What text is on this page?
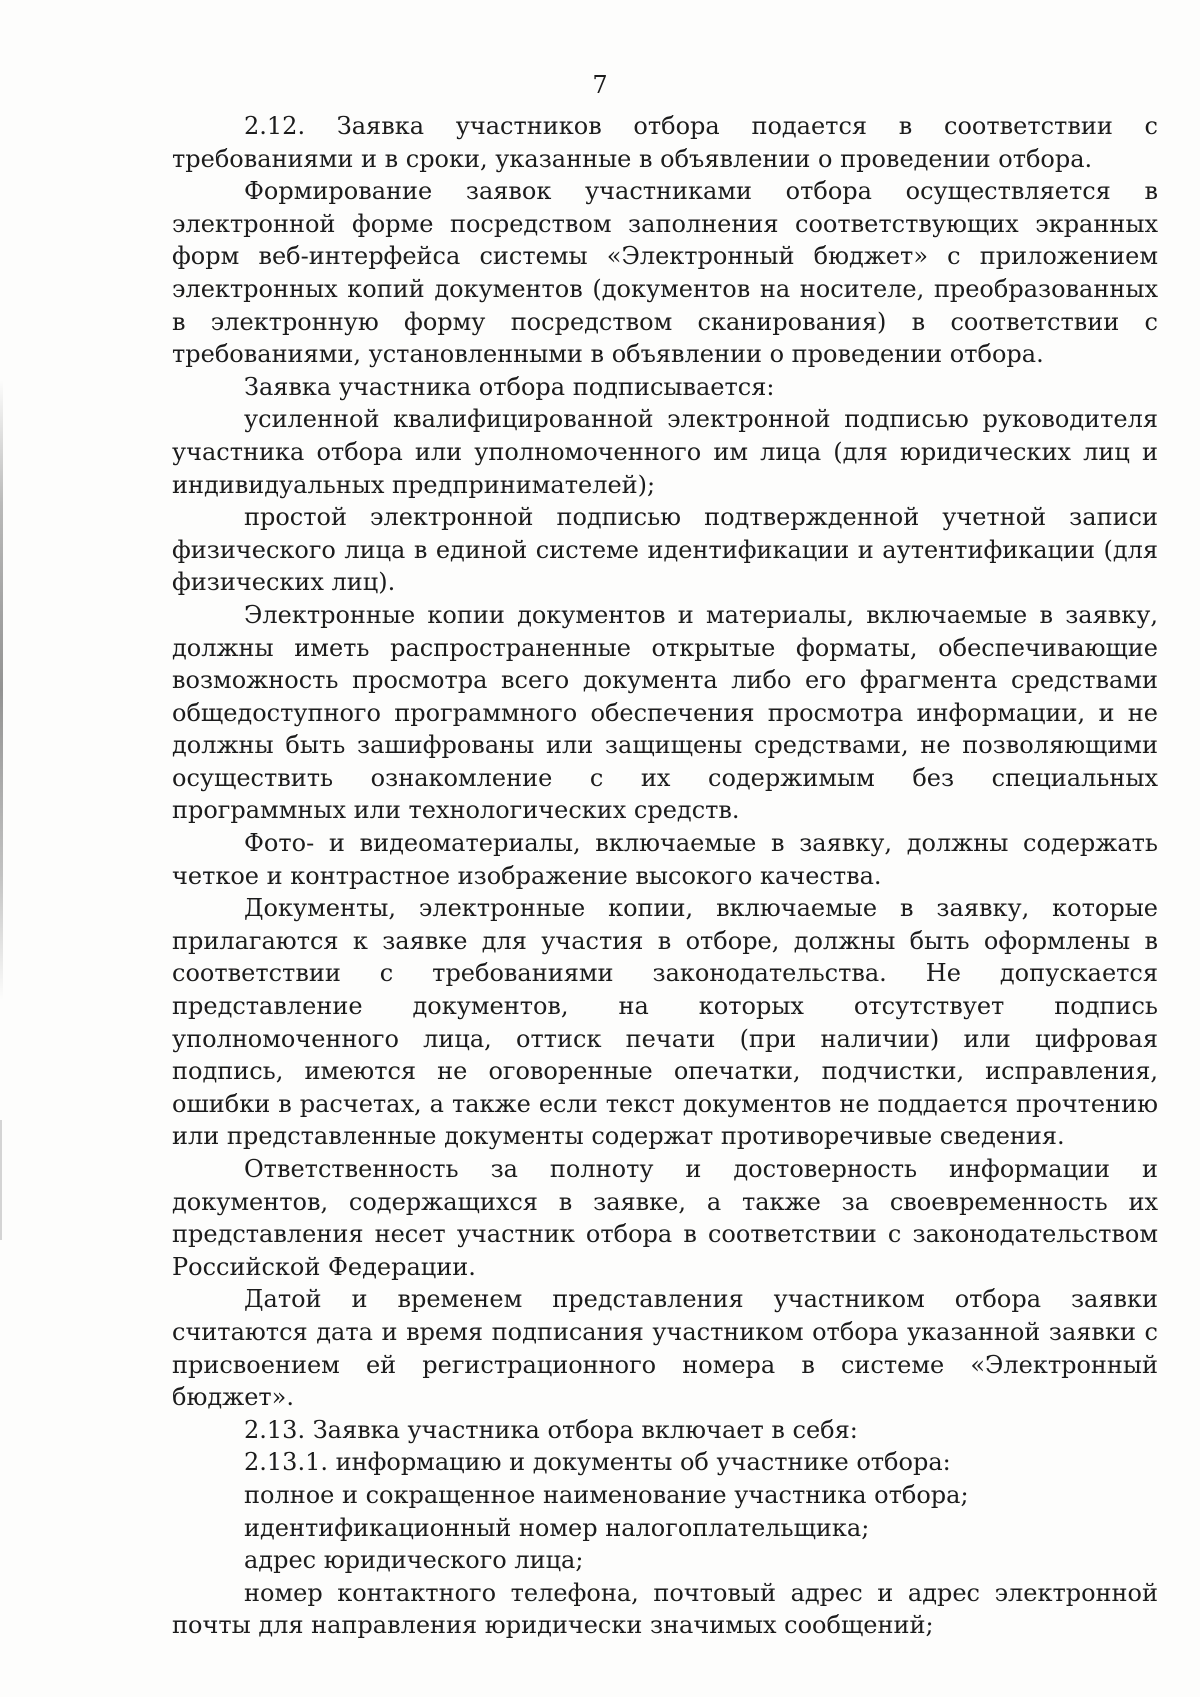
7

2.12. Заявка участников отбора подается в соответствии с требованиями и в сроки, указанные в объявлении о проведении отбора.

Формирование заявок участниками отбора осуществляется в электронной форме посредством заполнения соответствующих экранных форм веб-интерфейса системы «Электронный бюджет» с приложением электронных копий документов (документов на носителе, преобразованных в электронную форму посредством сканирования) в соответствии с требованиями, установленными в объявлении о проведении отбора.

Заявка участника отбора подписывается:

усиленной квалифицированной электронной подписью руководителя участника отбора или уполномоченного им лица (для юридических лиц и индивидуальных предпринимателей);

простой электронной подписью подтвержденной учетной записи физического лица в единой системе идентификации и аутентификации (для физических лиц).

Электронные копии документов и материалы, включаемые в заявку, должны иметь распространенные открытые форматы, обеспечивающие возможность просмотра всего документа либо его фрагмента средствами общедоступного программного обеспечения просмотра информации, и не должны быть зашифрованы или защищены средствами, не позволяющими осуществить ознакомление с их содержимым без специальных программных или технологических средств.

Фото- и видеоматериалы, включаемые в заявку, должны содержать четкое и контрастное изображение высокого качества.

Документы, электронные копии, включаемые в заявку, которые прилагаются к заявке для участия в отборе, должны быть оформлены в соответствии с требованиями законодательства. Не допускается представление документов, на которых отсутствует подпись уполномоченного лица, оттиск печати (при наличии) или цифровая подпись, имеются не оговоренные опечатки, подчистки, исправления, ошибки в расчетах, а также если текст документов не поддается прочтению или представленные документы содержат противоречивые сведения.

Ответственность за полноту и достоверность информации и документов, содержащихся в заявке, а также за своевременность их представления несет участник отбора в соответствии с законодательством Российской Федерации.

Датой и временем представления участником отбора заявки считаются дата и время подписания участником отбора указанной заявки с присвоением ей регистрационного номера в системе «Электронный бюджет».

2.13. Заявка участника отбора включает в себя:

2.13.1. информацию и документы об участнике отбора:

полное и сокращенное наименование участника отбора;

идентификационный номер налогоплательщика;

адрес юридического лица;

номер контактного телефона, почтовый адрес и адрес электронной почты для направления юридически значимых сообщений;
